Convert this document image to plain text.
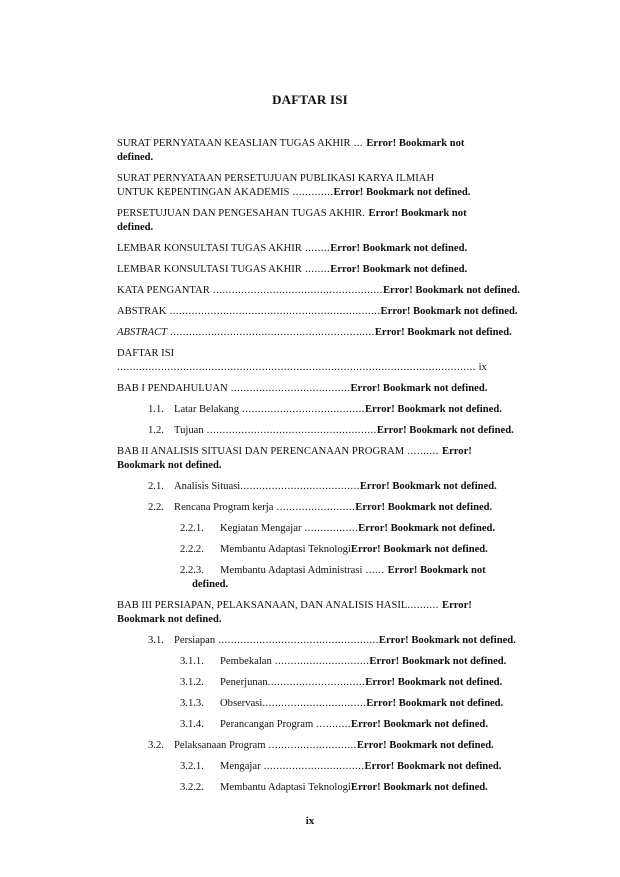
DAFTAR ISI
SURAT PERNYATAAN KEASLIAN TUGAS AKHIR ... Error! Bookmark not
defined.
SURAT PERNYATAAN PERSETUJUAN PUBLIKASI KARYA ILMIAH
UNTUK KEPENTINGAN AKADEMIS .............Error! Bookmark not defined.
PERSETUJUAN DAN PENGESAHAN TUGAS AKHIR. Error! Bookmark not
defined.
LEMBAR KONSULTASI TUGAS AKHIR ........Error! Bookmark not defined.
LEMBAR KONSULTASI TUGAS AKHIR ........Error! Bookmark not defined.
KATA PENGANTAR ......................................................Error! Bookmark not defined.
ABSTRAK ...................................................................Error! Bookmark not defined.
ABSTRACT .................................................................Error! Bookmark not defined.
DAFTAR ISI .................................................................................................................. ix
BAB I PENDAHULUAN ......................................Error! Bookmark not defined.
1.1. Latar Belakang .......................................Error! Bookmark not defined.
1.2. Tujuan ......................................................Error! Bookmark not defined.
BAB II ANALISIS SITUASI DAN PERENCANAAN PROGRAM .......... Error!
Bookmark not defined.
2.1. Analisis Situasi......................................Error! Bookmark not defined.
2.2. Rencana Program kerja .........................Error! Bookmark not defined.
2.2.1. Kegiatan Mengajar .................Error! Bookmark not defined.
2.2.2. Membantu Adaptasi TeknologiError! Bookmark not defined.
2.2.3. Membantu Adaptasi Administrasi ...... Error! Bookmark not
defined.
BAB III PERSIAPAN, PELAKSANAAN, DAN ANALISIS HASIL.......... Error!
Bookmark not defined.
3.1. Persiapan ...................................................Error! Bookmark not defined.
3.1.1. Pembekalan ..............................Error! Bookmark not defined.
3.1.2. Penerjunan...............................Error! Bookmark not defined.
3.1.3. Observasi.................................Error! Bookmark not defined.
3.1.4. Perancangan Program ...........Error! Bookmark not defined.
3.2. Pelaksanaan Program ............................Error! Bookmark not defined.
3.2.1. Mengajar ................................Error! Bookmark not defined.
3.2.2. Membantu Adaptasi TeknologiError! Bookmark not defined.
ix
